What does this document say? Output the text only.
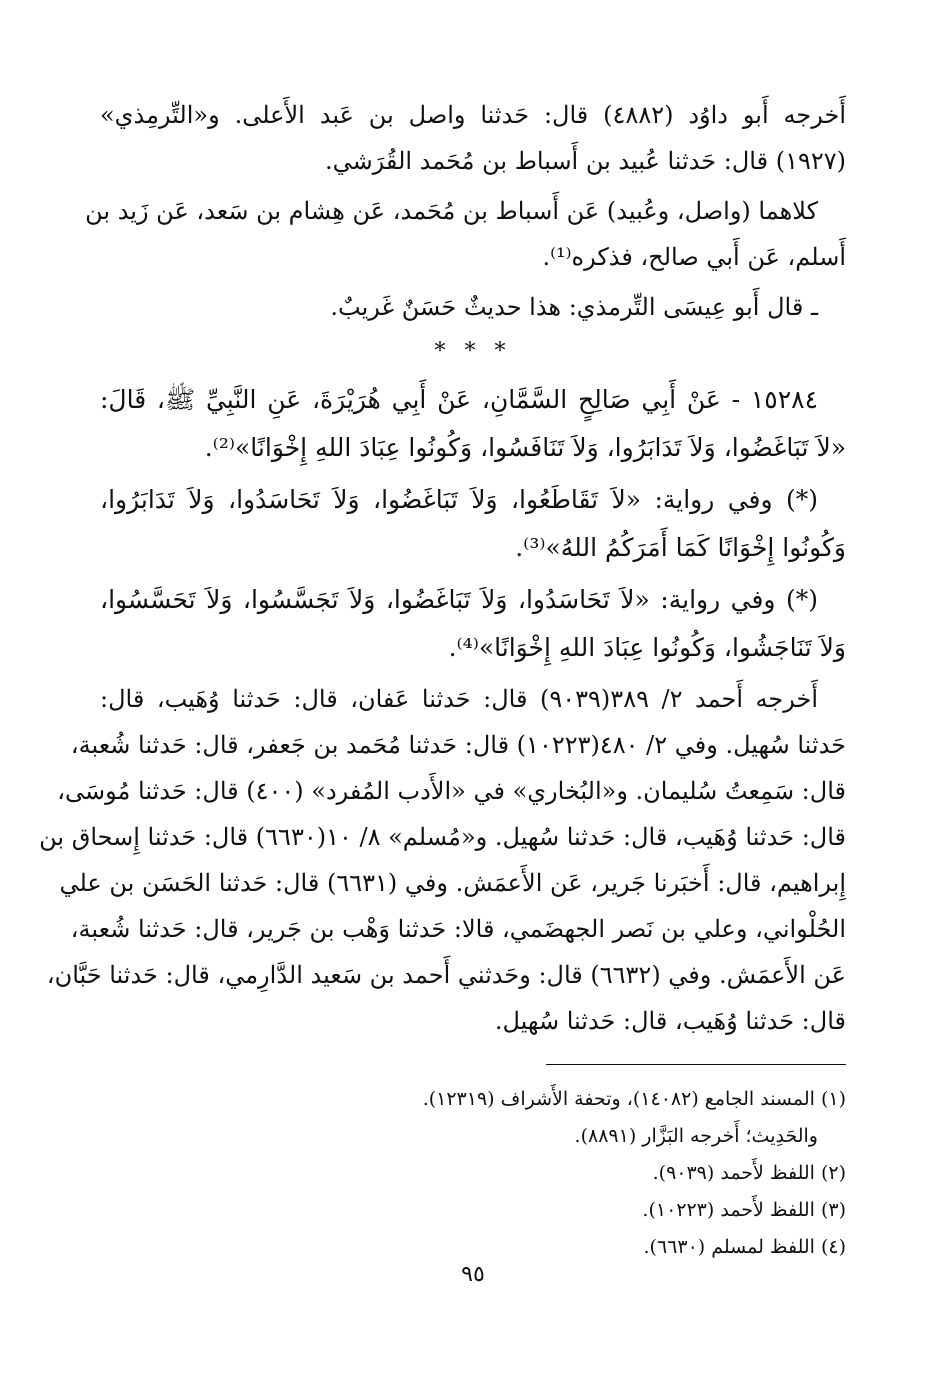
أَخرجه أَبو داوُد (٤٨٨٢) قال: حَدثنا واصل بن عَبد الأَعلى. و«التِّرمِذي»
(١٩٢٧) قال: حَدثنا عُبيد بن أَسباط بن مُحَمد القُرَشي.
كلاهما (واصل، وعُبيد) عَن أَسباط بن مُحَمد، عَن هِشام بن سَعد، عَن زَيد بن
أَسلم، عَن أَبي صالح، فذكره⁽¹⁾.
ـ قال أَبو عِيسَى التِّرمذي: هذا حديثٌ حَسَنٌ غَريبٌ.
* * *
١٥٢٨٤ - عَنْ أَبِي صَالِحٍ السَّمَّانِ، عَنْ أَبِي هُرَيْرَةَ، عَنِ النَّبِيِّ ﷺ، قَالَ:
«لاَ تَبَاغَضُوا، وَلاَ تَدَابَرُوا، وَلاَ تَنَافَسُوا، وَكُونُوا عِبَادَ اللهِ إِخْوَانًا»⁽²⁾.
(*) وفي رواية: «لاَ تَقَاطَعُوا، وَلاَ تَبَاغَضُوا، وَلاَ تَحَاسَدُوا، وَلاَ تَدَابَرُوا،
وَكُونُوا إِخْوَانًا كَمَا أَمَرَكُمُ اللهُ»⁽³⁾.
(*) وفي رواية: «لاَ تَحَاسَدُوا، وَلاَ تَبَاغَضُوا، وَلاَ تَجَسَّسُوا، وَلاَ تَحَسَّسُوا،
وَلاَ تَنَاجَشُوا، وَكُونُوا عِبَادَ اللهِ إِخْوَانًا»⁽⁴⁾.
أَخرجه أَحمد ٢/ ٣٨٩(٩٠٣٩) قال: حَدثنا عَفان، قال: حَدثنا وُهَيب، قال:
حَدثنا سُهيل. وفي ٢/ ٤٨٠(١٠٢٢٣) قال: حَدثنا مُحَمد بن جَعفر، قال: حَدثنا شُعبة،
قال: سَمِعتُ سُليمان. و«البُخاري» في «الأَدب المُفرد» (٤٠٠) قال: حَدثنا مُوسَى،
قال: حَدثنا وُهَيب، قال: حَدثنا سُهيل. و«مُسلم» ٨/ ١٠(٦٦٣٠) قال: حَدثنا إِسحاق بن
إِبراهيم، قال: أَخبَرنا جَرير، عَن الأَعمَش. وفي (٦٦٣١) قال: حَدثنا الحَسَن بن علي
الحُلْواني، وعلي بن نَصر الجهضَمي، قالا: حَدثنا وَهْب بن جَرير، قال: حَدثنا شُعبة،
عَن الأَعمَش. وفي (٦٦٣٢) قال: وحَدثني أَحمد بن سَعيد الدَّارِمي، قال: حَدثنا حَبَّان،
قال: حَدثنا وُهَيب، قال: حَدثنا سُهيل.
(١)المسند الجامع (١٤٠٨٢)، وتحفة الأَشراف (١٢٣١٩).
والحَدِيث؛ أَخرجه البَزَّار (٨٨٩١).
(٢)اللفظ لأَحمد (٩٠٣٩).
(٣)اللفظ لأَحمد (١٠٢٢٣).
(٤)اللفظ لمسلم (٦٦٣٠).
٩٥
